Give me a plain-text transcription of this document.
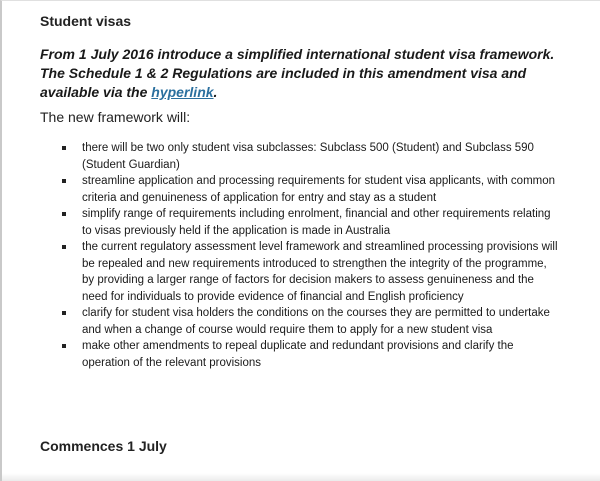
Student visas

From 1 July 2016 introduce a simplified international student visa framework. The Schedule 1 & 2 Regulations are included in this amendment visa and available via the hyperlink.

The new framework will:

there will be two only student visa subclasses: Subclass 500 (Student) and Subclass 590 (Student Guardian)
streamline application and processing requirements for student visa applicants, with common criteria and genuineness of application for entry and stay as a student
simplify range of requirements including enrolment, financial and other requirements relating to visas previously held if the application is made in Australia
the current regulatory assessment level framework and streamlined processing provisions will be repealed and new requirements introduced to strengthen the integrity of the programme, by providing a larger range of factors for decision makers to assess genuineness and the need for individuals to provide evidence of financial and English proficiency
clarify for student visa holders the conditions on the courses they are permitted to undertake and when a change of course would require them to apply for a new student visa
make other amendments to repeal duplicate and redundant provisions and clarify the operation of the relevant provisions

Commences 1 July
